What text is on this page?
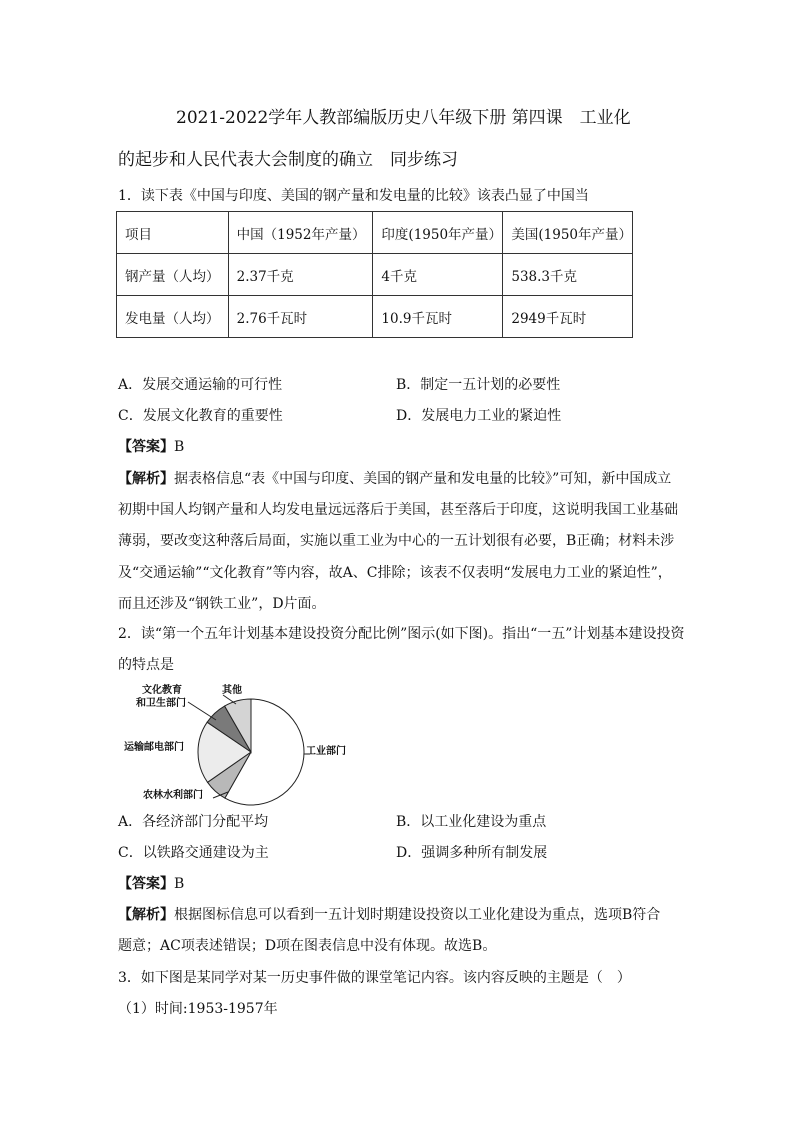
2021-2022学年人教部编版历史八年级下册 第四课　工业化
的起步和人民代表大会制度的确立　同步练习
1．读下表《中国与印度、美国的钢产量和发电量的比较》该表凸显了中国当
项目	中国（1952年产量）	印度(1950年产量）	美国(1950年产量）
钢产量（人均）	2.37千克	4千克	538.3千克
发电量（人均）	2.76千瓦时	10.9千瓦时	2949千瓦时
A．发展交通运输的可行性	B．制定一五计划的必要性
C．发展文化教育的重要性	D．发展电力工业的紧迫性
【答案】B
【解析】据表格信息“表《中国与印度、美国的钢产量和发电量的比较》”可知，新中国成立
初期中国人均钢产量和人均发电量远远落后于美国，甚至落后于印度，这说明我国工业基础
薄弱，要改变这种落后局面，实施以重工业为中心的一五计划很有必要，B正确；材料未涉
及“交通运输”“文化教育”等内容，故A、C排除；该表不仅表明“发展电力工业的紧迫性”，
而且还涉及“钢铁工业”，D片面。
2．读“第一个五年计划基本建设投资分配比例”图示(如下图)。指出“一五”计划基本建设投资
的特点是
文化教育
和卫生部门
其他
运输邮电部门	工业部门
农林水利部门
A．各经济部门分配平均	B．以工业化建设为重点
C．以铁路交通建设为主	D．强调多种所有制发展
【答案】B
【解析】根据图标信息可以看到一五计划时期建设投资以工业化建设为重点，选项B符合
题意；AC项表述错误；D项在图表信息中没有体现。故选B。
3．如下图是某同学对某一历史事件做的课堂笔记内容。该内容反映的主题是（　）
（1）时间:1953-1957年
